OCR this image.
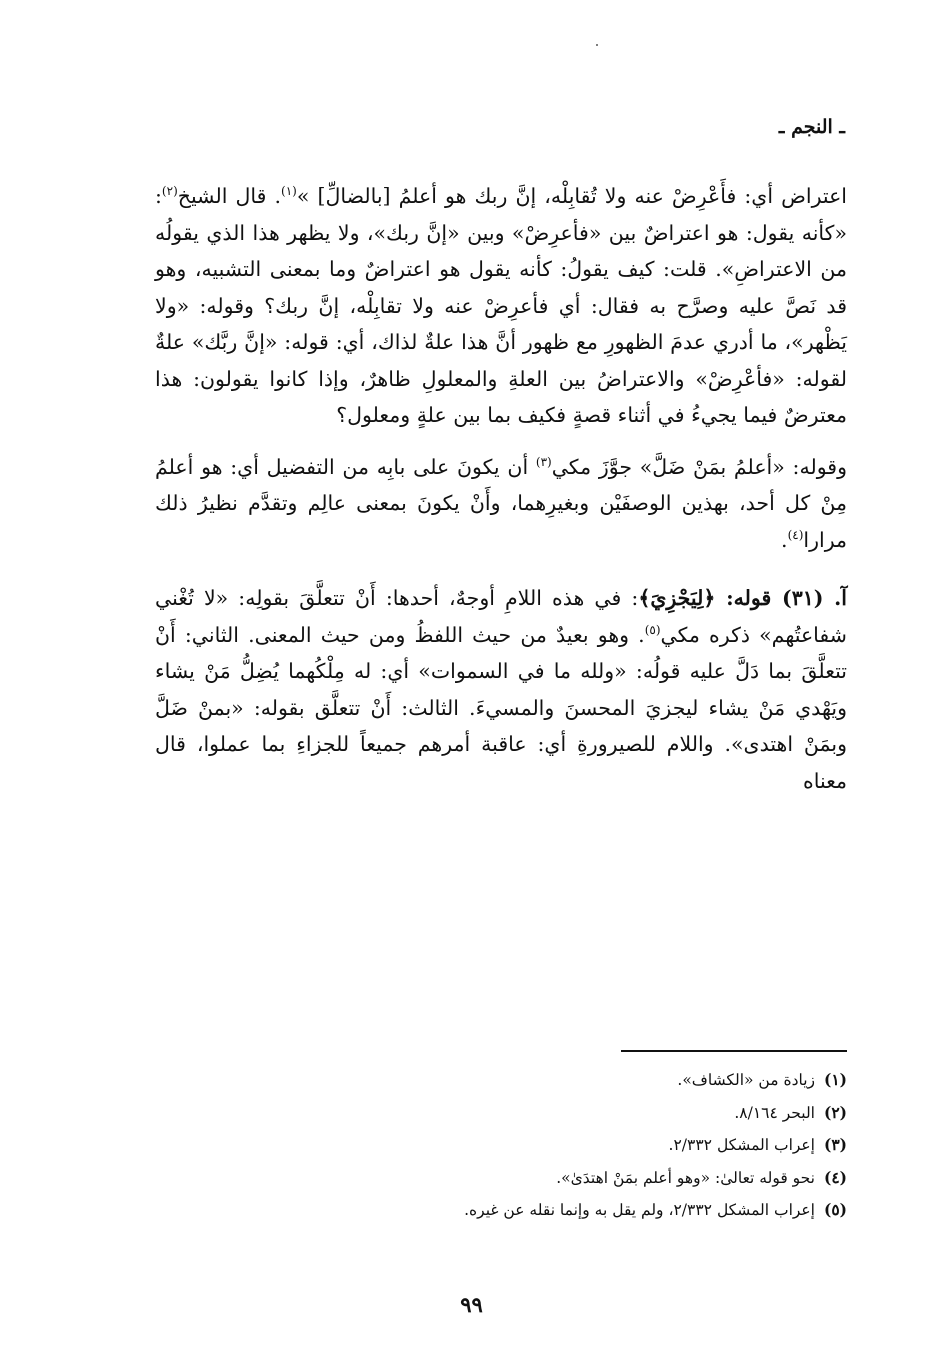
ـ النجم ـ

اعتراض أي: فأَعْرِضْ عنه ولا تُقابِلْه، إنَّ ربك هو أعلمُ [بالضالِّ] »$^{(١)}$. قال الشيخ$^{(٢)}$: «كأنه يقول: هو اعتراضٌ بين «فأعرِضْ» وبين «إنَّ ربك»، ولا يظهر هذا الذي يقولُه من الاعتراضِ». قلت: كيف يقولُ: كأنه يقول هو اعتراضٌ وما بمعنى التشبيه، وهو قد نَصَّ عليه وصرَّح به فقال: أي فأعرِضْ عنه ولا تقابِلْه، إنَّ ربك؟ وقوله: «ولا يَظْهر»، ما أدري عدمَ الظهورِ مع ظهور أنَّ هذا علةٌ لذاك، أي: قوله: «إنَّ ربَّك» علةٌ لقوله: «فأعْرِضْ» والاعتراضُ بين العلةِ والمعلولِ ظاهرٌ، وإذا كانوا يقولون: هذا معترضٌ فيما يجيءُ في أثناء قصةٍ فكيف بما بين علةٍ ومعلول؟

وقوله: «أعلمُ بمَنْ ضَلَّ» جوَّزَ مكي$^{(٣)}$ أن يكونَ على بابِه من التفضيل أي: هو أعلمُ مِنْ كل أحد، بهذين الوصفَيْن وبغيرِهما، وأَنْ يكونَ بمعنى عالِم وتقدَّم نظيرُ ذلك مرارا$^{(٤)}$.

آ. (٣١) قوله: ﴿لِيَجْزِيَ﴾: في هذه اللامِ أوجهٌ، أحدها: أَنْ تتعلَّقَ بقولِه: «لا تُغْني شفاعتُهم» ذكره مكي$^{(٥)}$. وهو بعيدٌ من حيث اللفظُ ومن حيث المعنى. الثاني: أَنْ تتعلَّقَ بما دَلَّ عليه قولُه: «ولله ما في السموات» أي: له مِلْكُهما يُضِلُّ مَنْ يشاء ويَهْدي مَنْ يشاء ليجزيَ المحسنَ والمسيءَ. الثالث: أَنْ تتعلَّق بقوله: «بمنْ ضَلَّ وبمَنْ اهتدى». واللام للصيرورةِ أي: عاقبة أمرهم جميعاً للجزاءِ بما عملوا، قال معناه

(١)زيادة من «الكشاف».
(٢)البحر ٨/١٦٤.
(٣)إعراب المشكل ٢/٣٣٢.
(٤)نحو قوله تعالىٰ: «وهو أعلم بمَنْ اهتدَىٰ».
(٥)إعراب المشكل ٢/٣٣٢، ولم يقل به وإنما نقله عن غيره.
٩٩
